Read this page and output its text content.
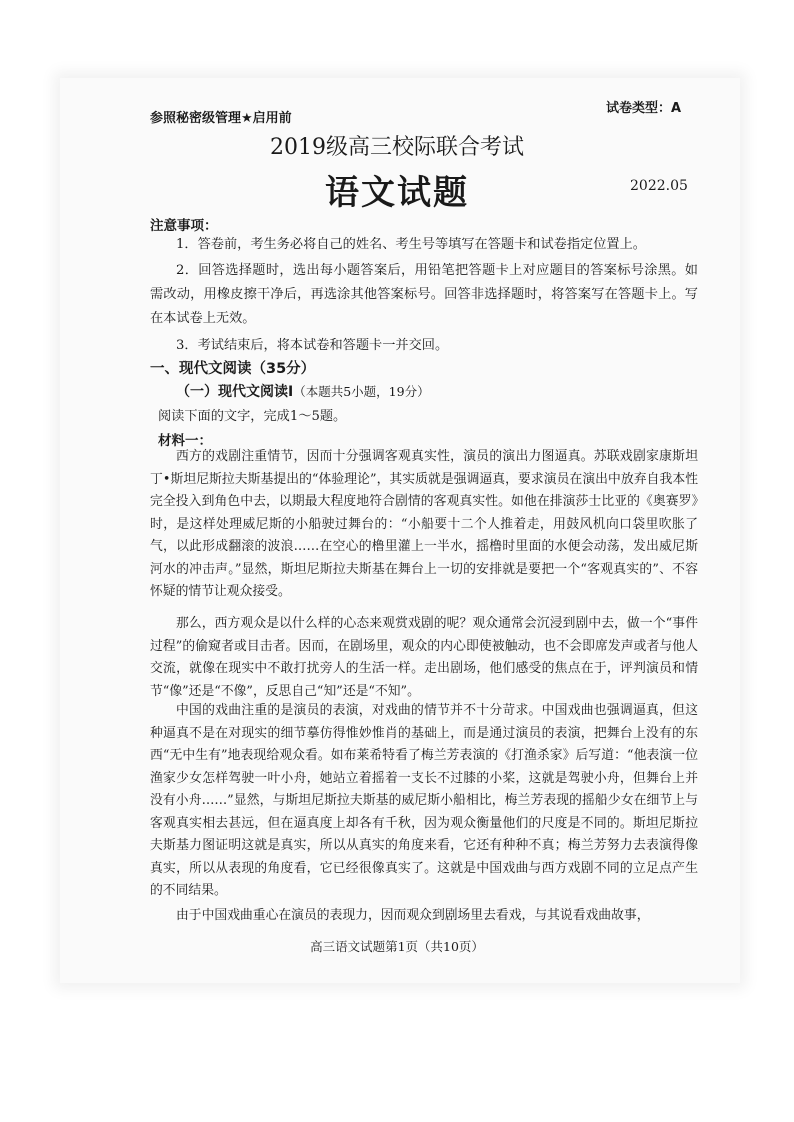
参照秘密级管理★启用前
试卷类型：A
2019级高三校际联合考试
语文试题	2022.05
注意事项：
1．答卷前，考生务必将自己的姓名、考生号等填写在答题卡和试卷指定位置上。
2．回答选择题时，选出每小题答案后，用铅笔把答题卡上对应题目的答案标号涂黑。如需改动，用橡皮擦干净后，再选涂其他答案标号。回答非选择题时，将答案写在答题卡上。写在本试卷上无效。
3．考试结束后，将本试卷和答题卡一并交回。
一、现代文阅读（35分）
（一）现代文阅读Ⅰ（本题共5小题，19分）
阅读下面的文字，完成1～5题。
材料一：
西方的戏剧注重情节，因而十分强调客观真实性，演员的演出力图逼真。苏联戏剧家康斯坦丁•斯坦尼斯拉夫斯基提出的“体验理论”，其实质就是强调逼真，要求演员在演出中放弃自我本性完全投入到角色中去，以期最大程度地符合剧情的客观真实性。如他在排演莎士比亚的《奥赛罗》时，是这样处理威尼斯的小船驶过舞台的：“小船要十二个人推着走，用鼓风机向口袋里吹胀了气，以此形成翻滚的波浪……在空心的橹里灌上一半水，摇橹时里面的水便会动荡，发出威尼斯河水的冲击声。”显然，斯坦尼斯拉夫斯基在舞台上一切的安排就是要把一个“客观真实的”、不容怀疑的情节让观众接受。
那么，西方观众是以什么样的心态来观赏戏剧的呢？观众通常会沉浸到剧中去，做一个“事件过程”的偷窥者或目击者。因而，在剧场里，观众的内心即使被触动，也不会即席发声或者与他人交流，就像在现实中不敢打扰旁人的生活一样。走出剧场，他们感受的焦点在于，评判演员和情节“像”还是“不像”，反思自己“知”还是“不知”。
中国的戏曲注重的是演员的表演，对戏曲的情节并不十分苛求。中国戏曲也强调逼真，但这种逼真不是在对现实的细节摹仿得惟妙惟肖的基础上，而是通过演员的表演，把舞台上没有的东西“无中生有”地表现给观众看。如布莱希特看了梅兰芳表演的《打渔杀家》后写道：“他表演一位渔家少女怎样驾驶一叶小舟，她站立着摇着一支长不过膝的小桨，这就是驾驶小舟，但舞台上并没有小舟……”显然，与斯坦尼斯拉夫斯基的威尼斯小船相比，梅兰芳表现的摇船少女在细节上与客观真实相去甚远，但在逼真度上却各有千秋，因为观众衡量他们的尺度是不同的。斯坦尼斯拉夫斯基力图证明这就是真实，所以从真实的角度来看，它还有种种不真；梅兰芳努力去表演得像真实，所以从表现的角度看，它已经很像真实了。这就是中国戏曲与西方戏剧不同的立足点产生的不同结果。
由于中国戏曲重心在演员的表现力，因而观众到剧场里去看戏，与其说看戏曲故事，
高三语文试题第1页（共10页）
